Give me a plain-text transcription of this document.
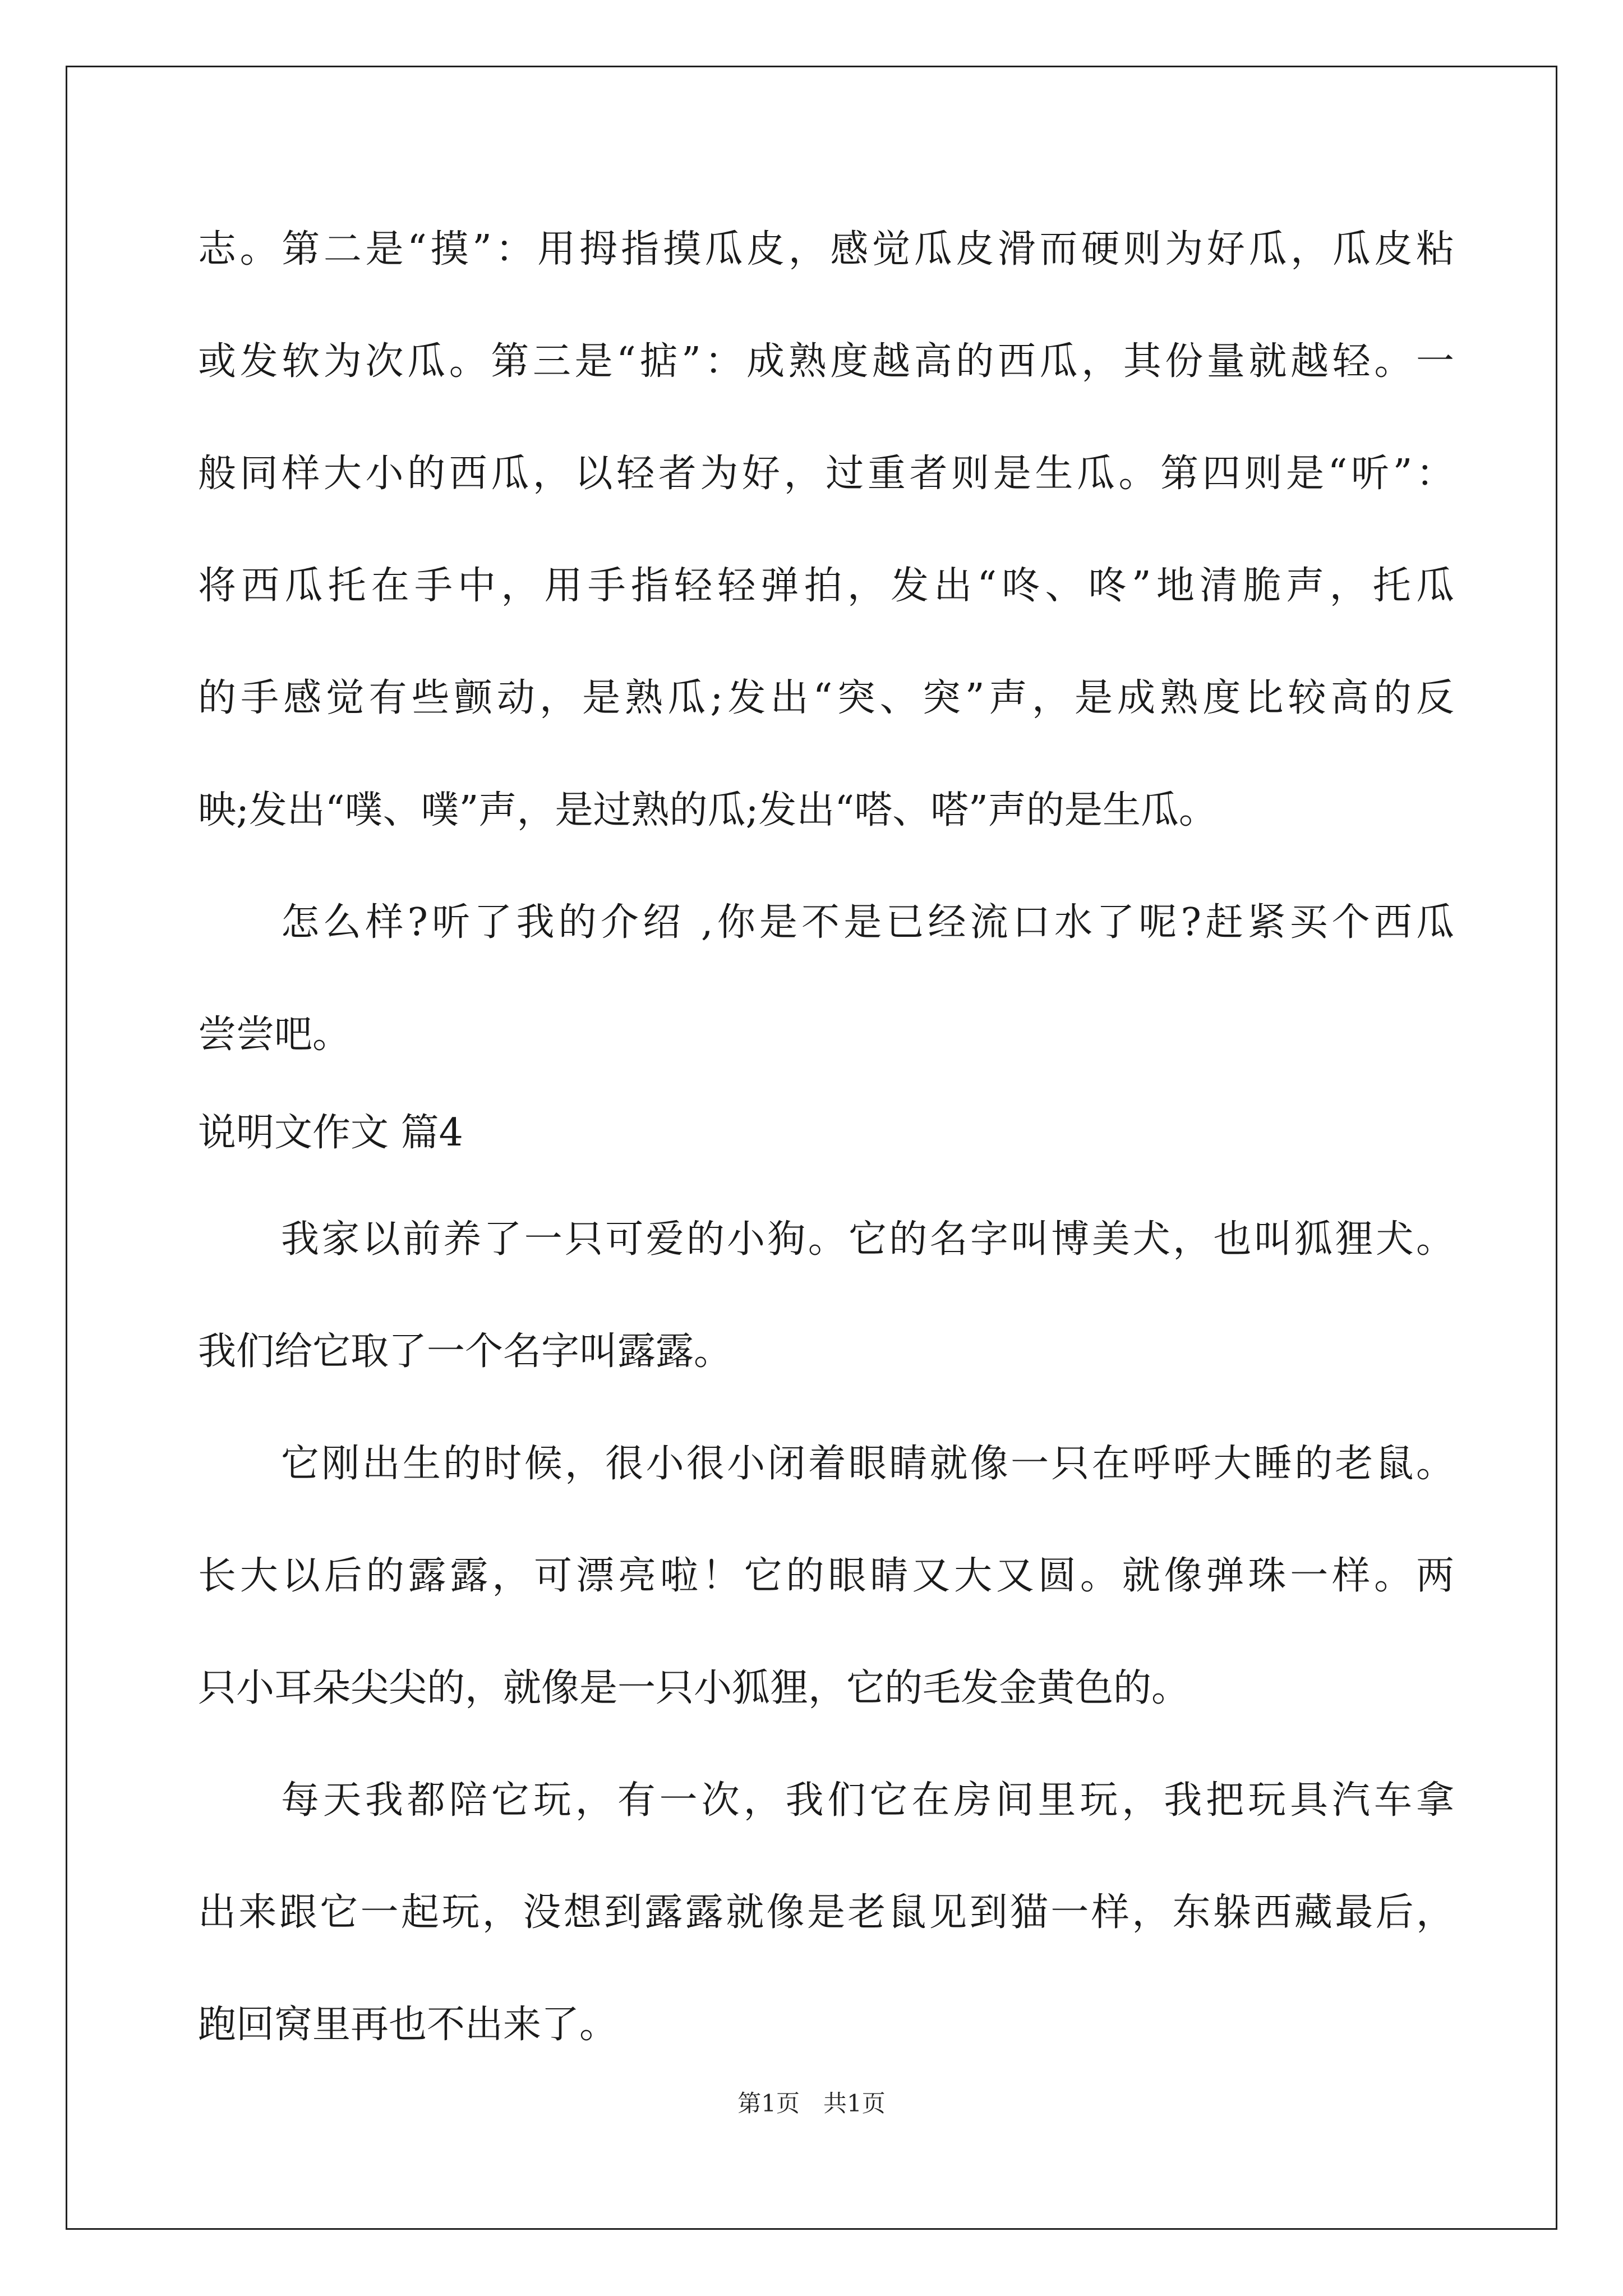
志。第二是“摸”：用拇指摸瓜皮，感觉瓜皮滑而硬则为好瓜，瓜皮粘
或发软为次瓜。第三是“掂”：成熟度越高的西瓜，其份量就越轻。一
般同样大小的西瓜，以轻者为好，过重者则是生瓜。第四则是“听”：
将西瓜托在手中，用手指轻轻弹拍，发出“咚、咚”地清脆声，托瓜
的手感觉有些颤动，是熟瓜;发出“突、突”声，是成熟度比较高的反
映;发出“噗、噗”声，是过熟的瓜;发出“嗒、嗒”声的是生瓜。
怎么样?听了我的介绍 ,你是不是已经流口水了呢?赶紧买个西瓜
尝尝吧。
说明文作文 篇4
我家以前养了一只可爱的小狗。它的名字叫博美犬，也叫狐狸犬。
我们给它取了一个名字叫露露。
它刚出生的时候，很小很小闭着眼睛就像一只在呼呼大睡的老鼠。
长大以后的露露，可漂亮啦！它的眼睛又大又圆。就像弹珠一样。两
只小耳朵尖尖的，就像是一只小狐狸，它的毛发金黄色的。
每天我都陪它玩，有一次，我们它在房间里玩，我把玩具汽车拿
出来跟它一起玩，没想到露露就像是老鼠见到猫一样，东躲西藏最后，
跑回窝里再也不出来了。
第1页　共1页
